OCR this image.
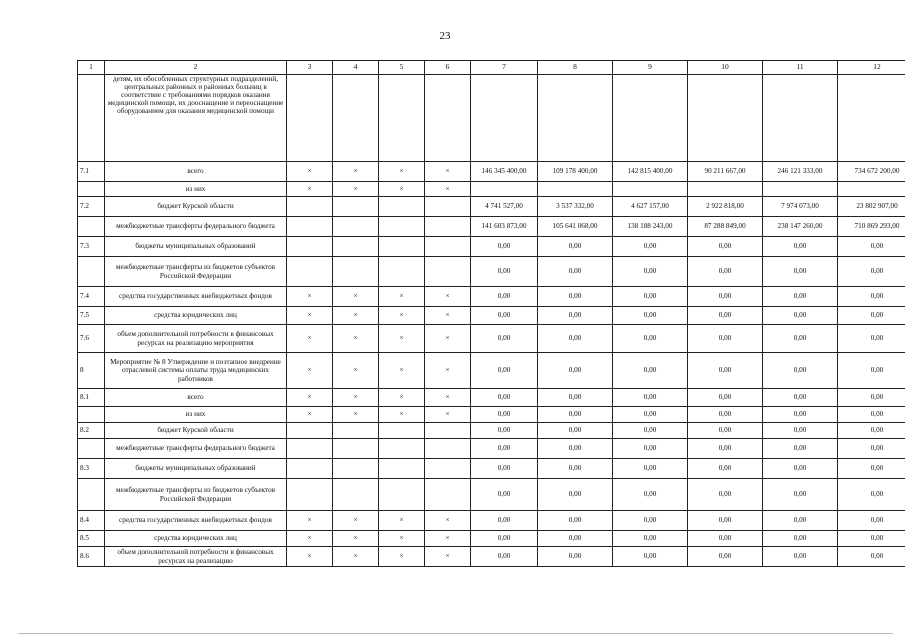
23
1	2	3	4	5	6	7	8	9	10	11	12
	детям, их обособленных структурных подразделений, центральных районных и районных больниц в соответствие с требованиями порядков оказания медицинской помощи, их дооснащение и переоснащение оборудованием для оказания медицинской помощи										
7.1	всего	×	×	×	×	146 345 400,00	109 178 400,00	142 815 400,00	90 211 667,00	246 121 333,00	734 672 200,00
	из них	×	×	×	×						
7.2	бюджет Курской области					4 741 527,00	3 537 332,00	4 627 157,00	2 922 818,00	7 974 073,00	23 802 907,00
	межбюджетные трансферты федерального бюджета					141 603 873,00	105 641 068,00	138 188 243,00	87 288 849,00	238 147 260,00	710 869 293,00
7.3	бюджеты муниципальных образований					0,00	0,00	0,00	0,00	0,00	0,00
	межбюджетные трансферты из бюджетов субъектов Российской Федерации					0,00	0,00	0,00	0,00	0,00	0,00
7.4	средства государственных внебюджетных фондов	×	×	×	×	0,00	0,00	0,00	0,00	0,00	0,00
7.5	средства юридических лиц	×	×	×	×	0,00	0,00	0,00	0,00	0,00	0,00
7.6	объем дополнительной потребности в финансовых ресурсах на реализацию мероприятия	×	×	×	×	0,00	0,00	0,00	0,00	0,00	0,00
8	Мероприятие № 8 Утверждение и поэтапное внедрение отраслевой системы оплаты труда медицинских работников	×	×	×	×	0,00	0,00	0,00	0,00	0,00	0,00
8.1	всего	×	×	×	×	0,00	0,00	0,00	0,00	0,00	0,00
	из них	×	×	×	×	0,00	0,00	0,00	0,00	0,00	0,00
8.2	бюджет Курской области					0,00	0,00	0,00	0,00	0,00	0,00
	межбюджетные трансферты федерального бюджета					0,00	0,00	0,00	0,00	0,00	0,00
8.3	бюджеты муниципальных образований					0,00	0,00	0,00	0,00	0,00	0,00
	межбюджетные трансферты из бюджетов субъектов Российской Федерации					0,00	0,00	0,00	0,00	0,00	0,00
8.4	средства государственных внебюджетных фондов	×	×	×	×	0,00	0,00	0,00	0,00	0,00	0,00
8.5	средства юридических лиц	×	×	×	×	0,00	0,00	0,00	0,00	0,00	0,00
8.6	объем дополнительной потребности в финансовых ресурсах на реализацию	×	×	×	×	0,00	0,00	0,00	0,00	0,00	0,00
